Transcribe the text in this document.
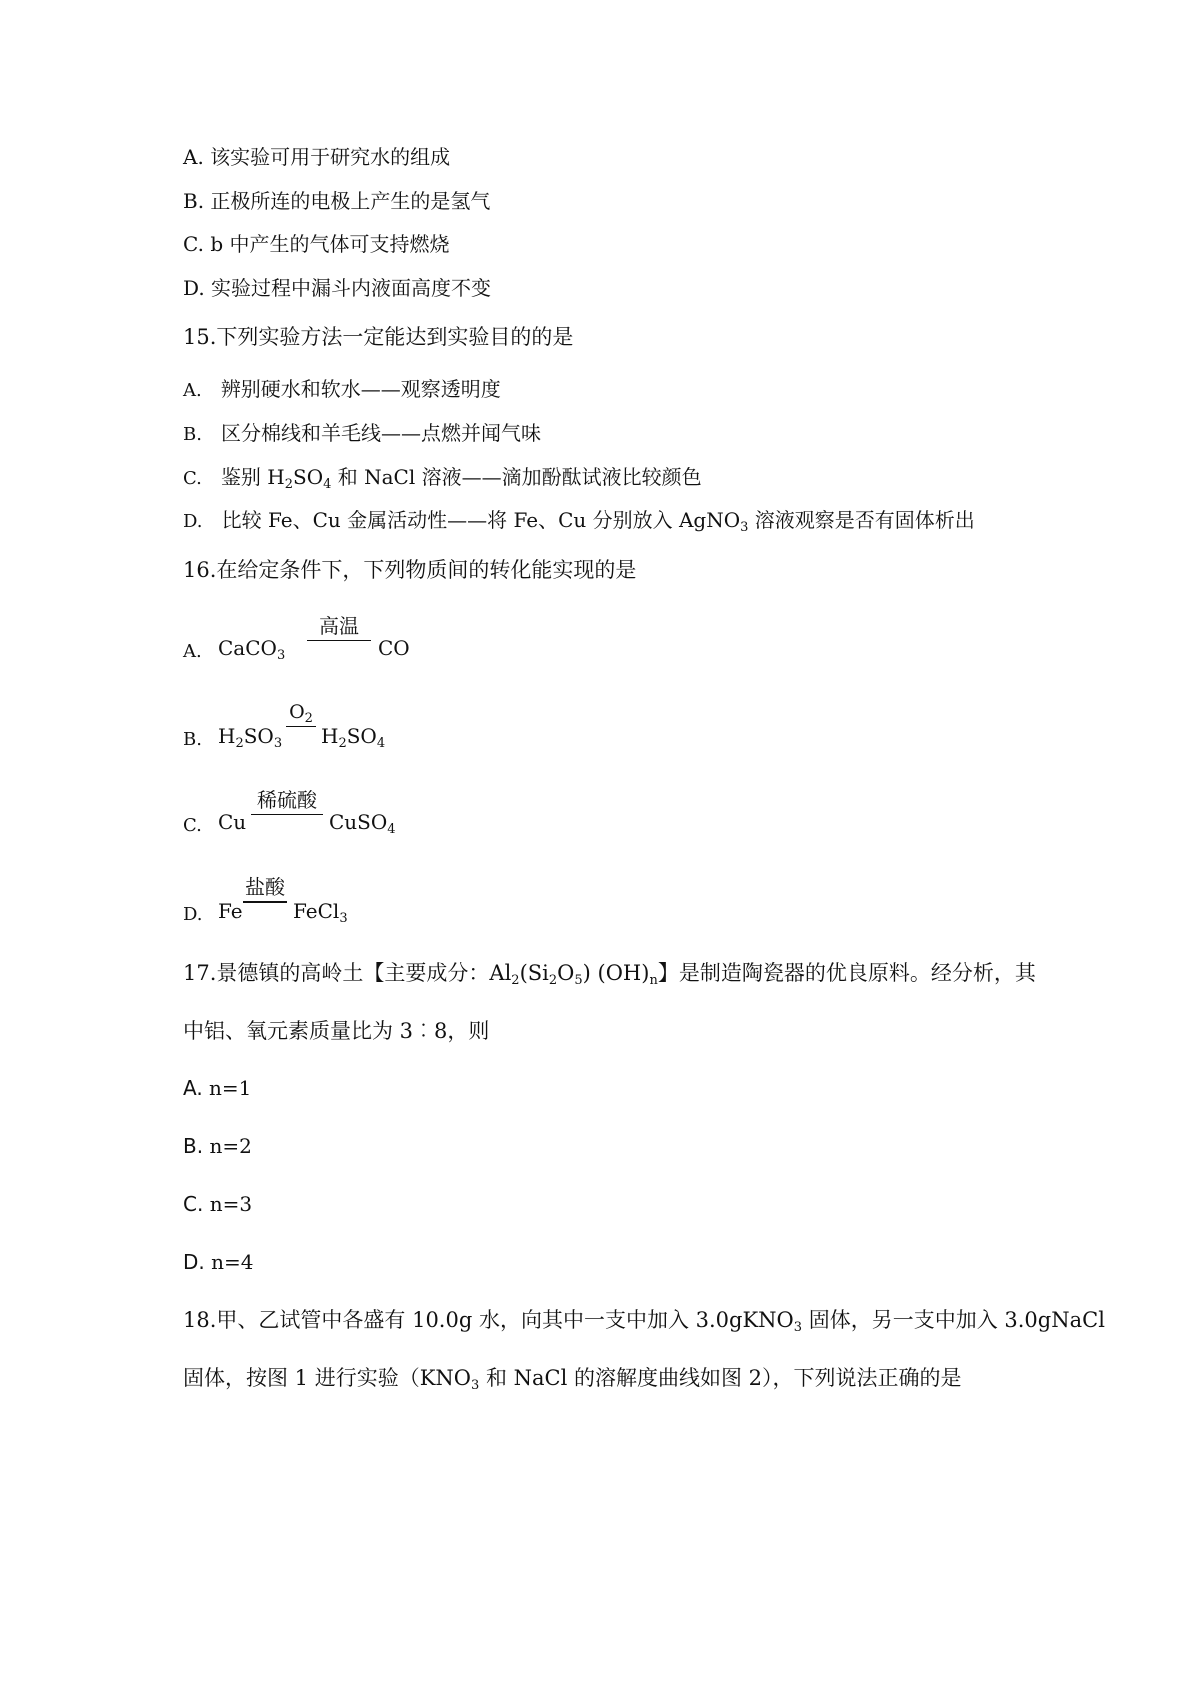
A. 该实验可用于研究水的组成
B. 正极所连的电极上产生的是氢气
C. b 中产生的气体可支持燃烧
D. 实验过程中漏斗内液面高度不变
15.下列实验方法一定能达到实验目的的是
A. 辨别硬水和软水——观察透明度
B. 区分棉线和羊毛线——点燃并闻气味
C. 鉴别 $H_2SO_4$ 和 NaCl 溶液——滴加酚酞试液比较颜色
D. 比较 Fe、Cu 金属活动性——将 Fe、Cu 分别放入 AgNO$_3$ 溶液观察是否有固体析出
16.在给定条件下，下列物质间的转化能实现的是
A. CaCO$_3$
高温
CO
B. $H_2SO_3$
$O_2$
$H_2SO_4$
C. Cu
稀硫酸
CuSO$_4$
D. Fe
盐酸
FeCl$_3$
17.景德镇的高岭土【主要成分：$Al_2(Si_2O_5)$ $(OH)_n$】是制造陶瓷器的优良原料。经分析，其
中铝、氧元素质量比为 3︰8，则
A. n=1
B. n=2
C. n=3
D. n=4
18.甲、乙试管中各盛有 10.0g 水，向其中一支中加入 3.0gKNO$_3$ 固体，另一支中加入 3.0gNaCl
固体，按图 1 进行实验（$KNO_3$ 和 NaCl 的溶解度曲线如图 2），下列说法正确的是
